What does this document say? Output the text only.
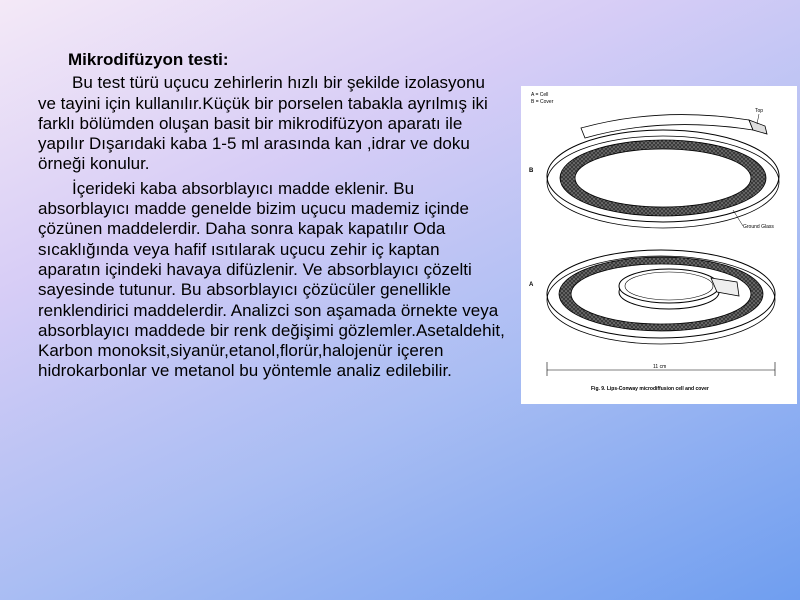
Mikrodifüzyon testi:

Bu test türü uçucu zehirlerin hızlı bir şekilde izolasyonu ve tayini için kullanılır.Küçük bir porselen tabakla ayrılmış iki farklı bölümden oluşan basit bir mikrodifüzyon aparatı ile yapılır Dışarıdaki kaba 1-5 ml arasında kan ,idrar ve doku örneği konulur.

İçerideki kaba absorblayıcı madde eklenir. Bu absorblayıcı madde genelde bizim uçucu mademiz içinde çözünen maddelerdir. Daha sonra kapak kapatılır Oda sıcaklığında veya hafif ısıtılarak uçucu zehir iç kaptan aparatın içindeki havaya difüzlenir. Ve absorblayıcı çözelti sayesinde tutunur. Bu absorblayıcı çözücüler genellikle renklendirici maddelerdir. Analizci son aşamada örnekte veya absorblayıcı maddede bir renk değişimi gözlemler.Asetaldehit, Karbon monoksit,siyanür,etanol,florür,halojenür içeren hidrokarbonlar ve metanol bu yöntemle analiz edilebilir.

A = Cell
B = Cover
B
Top
Ground Glass
A
11 cm
Fig. 9. Lips-Conway microdiffusion cell and cover
